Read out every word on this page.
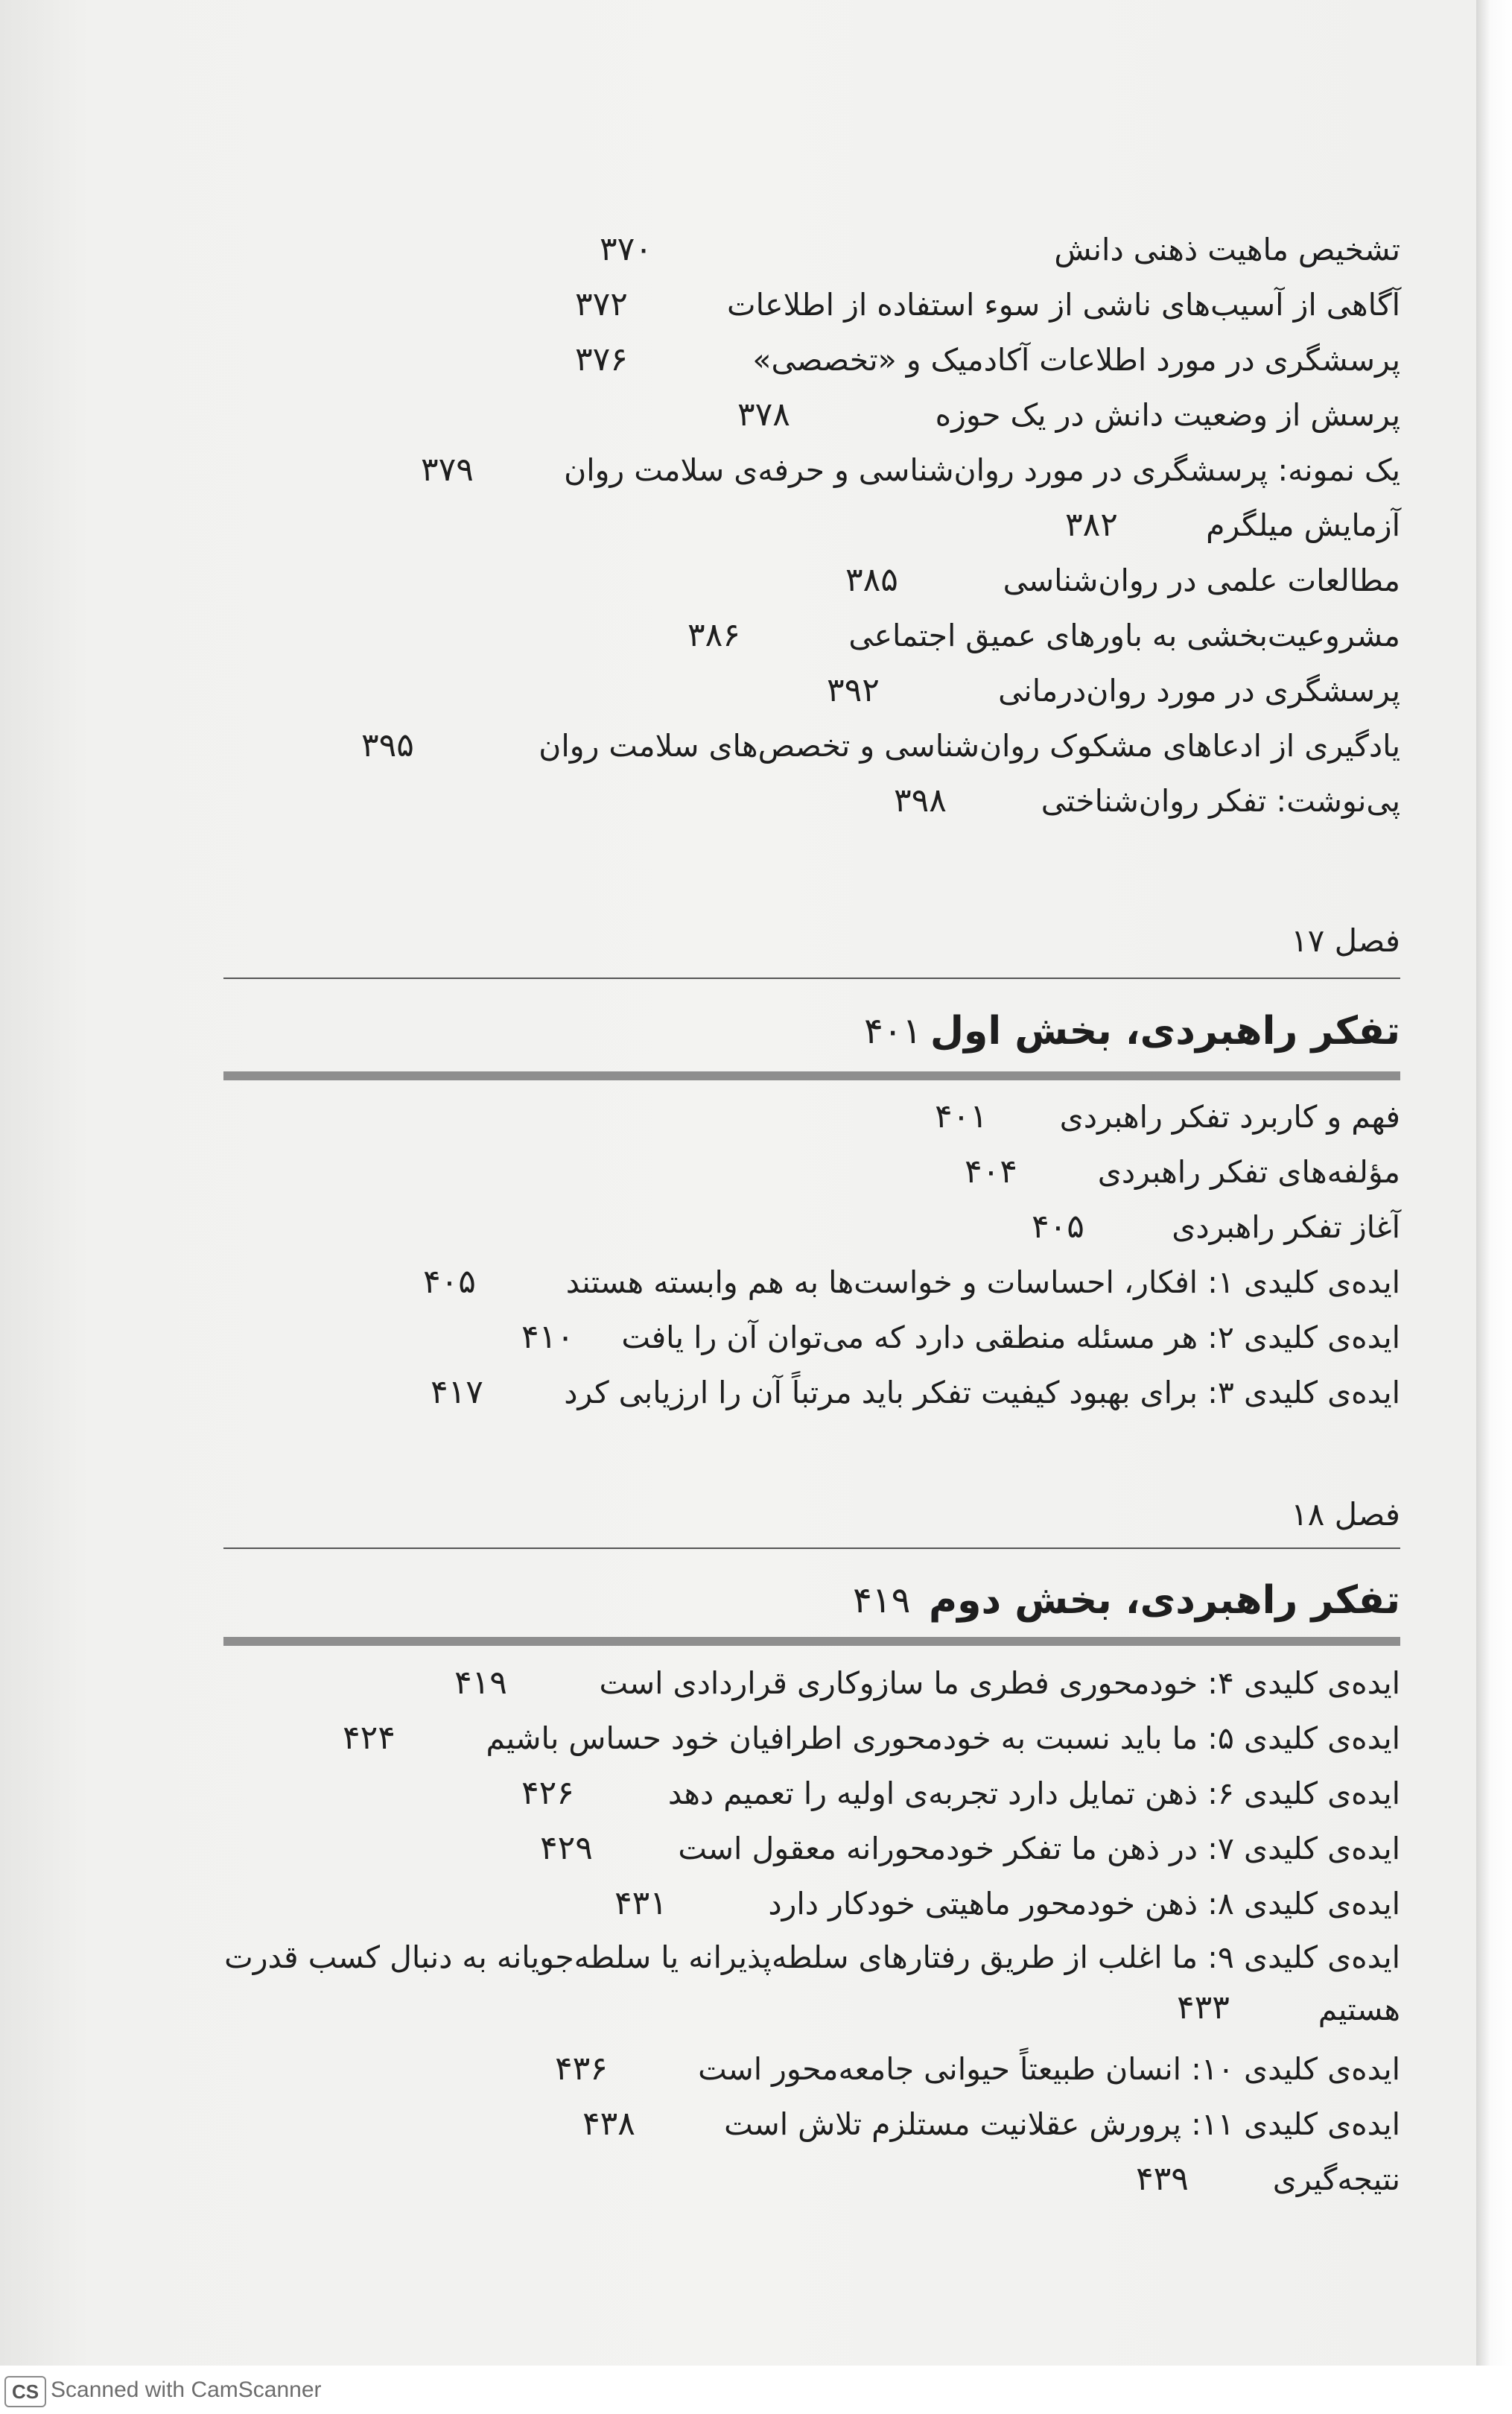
تشخیص ماهیت ذهنی دانش
۳۷۰
آگاهی از آسیب‌های ناشی از سوء استفاده از اطلاعات
۳۷۲
پرسشگری در مورد اطلاعات آکادمیک و «تخصصی»
۳۷۶
پرسش از وضعیت دانش در یک حوزه
۳۷۸
یک نمونه: پرسشگری در مورد روان‌شناسی و حرفه‌ی سلامت روان
۳۷۹
آزمایش میلگرم
۳۸۲
مطالعات علمی در روان‌شناسی
۳۸۵
مشروعیت‌بخشی به باورهای عمیق اجتماعی
۳۸۶
پرسشگری در مورد روان‌درمانی
۳۹۲
یادگیری از ادعاهای مشکوک روان‌شناسی و تخصص‌های سلامت روان
۳۹۵
پی‌نوشت: تفکر روان‌شناختی
۳۹۸
فصل ۱۷
تفکر راهبردی، بخش اول
۴۰۱
فهم و کاربرد تفکر راهبردی
۴۰۱
مؤلفه‌های تفکر راهبردی
۴۰۴
آغاز تفکر راهبردی
۴۰۵
ایده‌ی کلیدی ۱: افکار، احساسات و خواست‌ها به هم وابسته هستند
۴۰۵
ایده‌ی کلیدی ۲: هر مسئله منطقی دارد که می‌توان آن را یافت
۴۱۰
ایده‌ی کلیدی ۳: برای بهبود کیفیت تفکر باید مرتباً آن را ارزیابی کرد
۴۱۷
فصل ۱۸
تفکر راهبردی، بخش دوم
۴۱۹
ایده‌ی کلیدی ۴: خودمحوری فطری ما سازوکاری قراردادی است
۴۱۹
ایده‌ی کلیدی ۵: ما باید نسبت به خودمحوری اطرافیان خود حساس باشیم
۴۲۴
ایده‌ی کلیدی ۶: ذهن تمایل دارد تجربه‌ی اولیه را تعمیم دهد
۴۲۶
ایده‌ی کلیدی ۷: در ذهن ما تفکر خودمحورانه معقول است
۴۲۹
ایده‌ی کلیدی ۸: ذهن خودمحور ماهیتی خودکار دارد
۴۳۱
ایده‌ی کلیدی ۹: ما اغلب از طریق رفتارهای سلطه‌پذیرانه یا سلطه‌جویانه به دنبال کسب قدرت هستیم
۴۳۳
ایده‌ی کلیدی ۱۰: انسان طبیعتاً حیوانی جامعه‌محور است
۴۳۶
ایده‌ی کلیدی ۱۱: پرورش عقلانیت مستلزم تلاش است
۴۳۸
نتیجه‌گیری
۴۳۹
CS Scanned with CamScanner
